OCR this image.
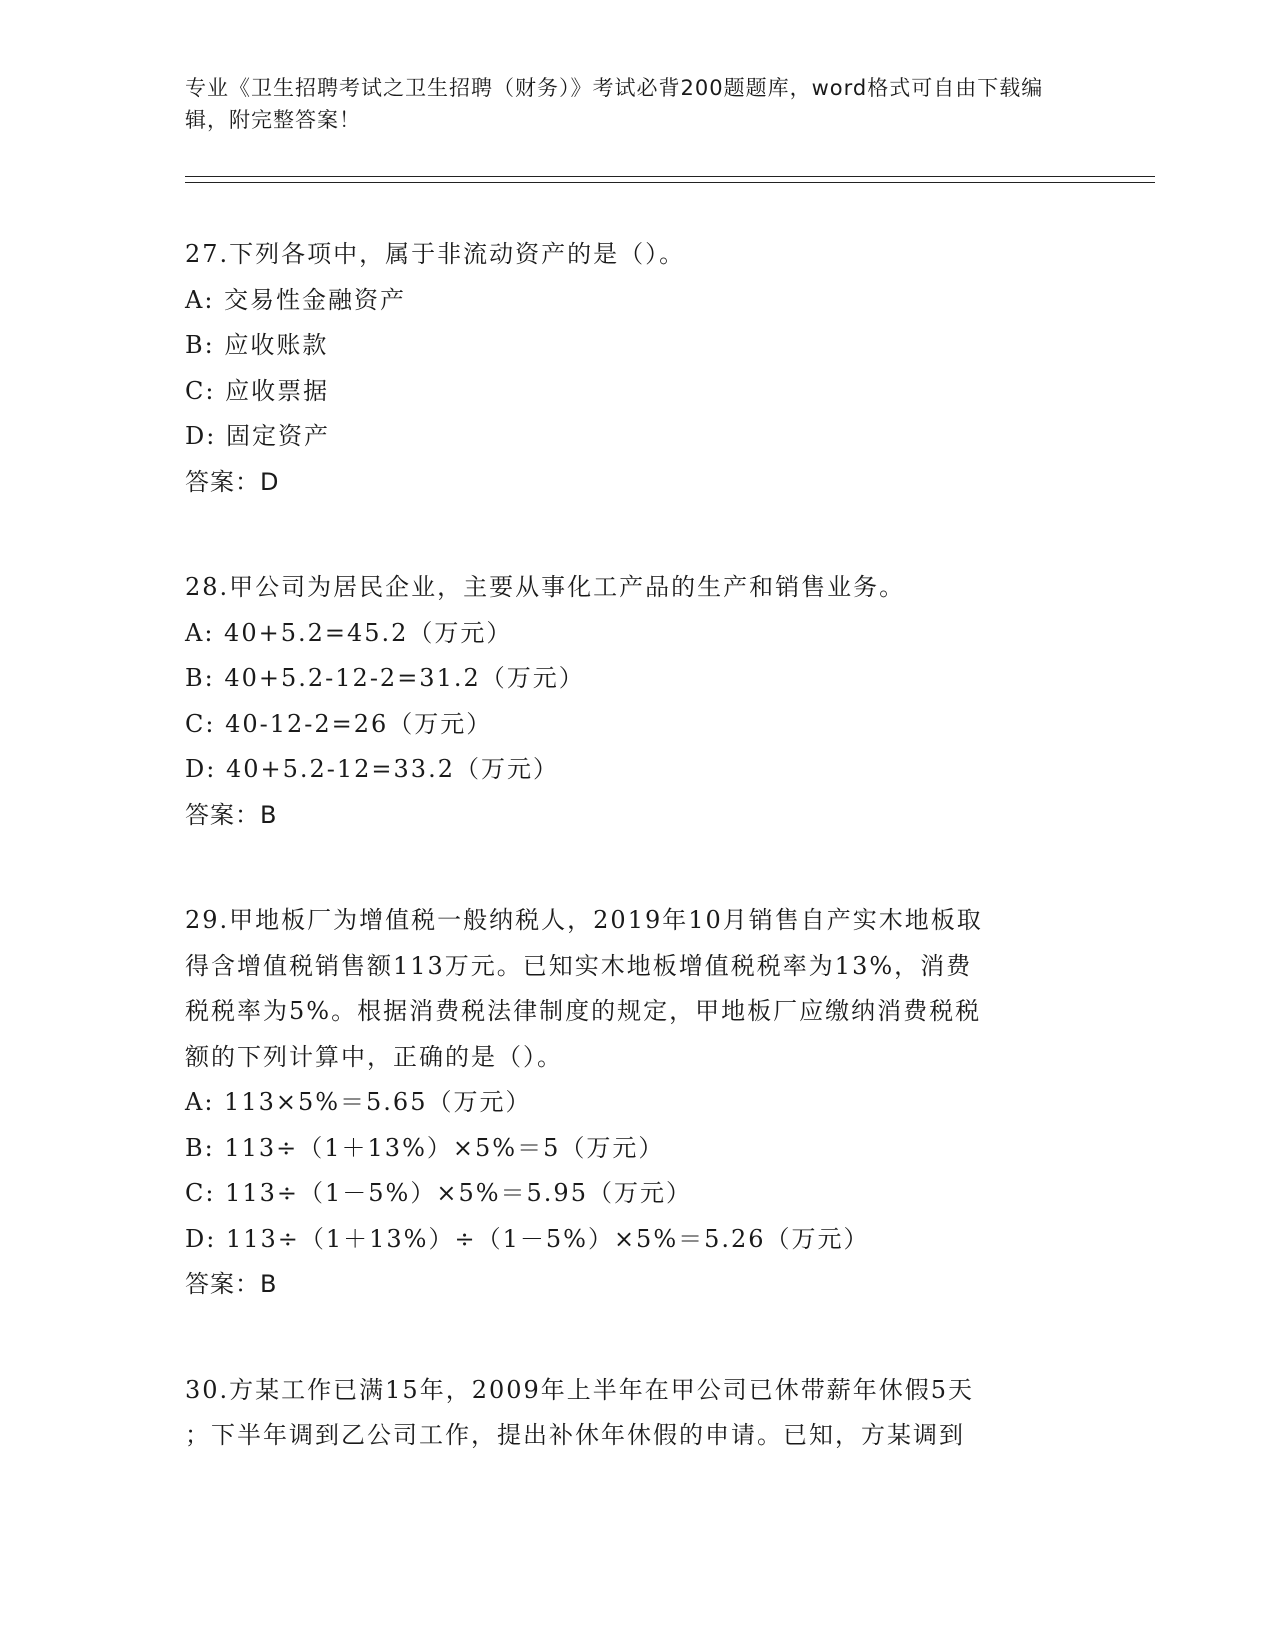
专业《卫生招聘考试之卫生招聘（财务）》考试必背200题题库，word格式可自由下载编辑，附完整答案！
27.下列各项中，属于非流动资产的是（）。
A: 交易性金融资产
B: 应收账款
C: 应收票据
D: 固定资产
答案：D
28.甲公司为居民企业，主要从事化工产品的生产和销售业务。
A: 40+5.2=45.2（万元）
B: 40+5.2-12-2=31.2（万元）
C: 40-12-2=26（万元）
D: 40+5.2-12=33.2（万元）
答案：B
29.甲地板厂为增值税一般纳税人，2019年10月销售自产实木地板取
得含增值税销售额113万元。已知实木地板增值税税率为13%，消费
税税率为5%。根据消费税法律制度的规定，甲地板厂应缴纳消费税税
额的下列计算中，正确的是（）。
A: 113×5%＝5.65（万元）
B: 113÷（1＋13%）×5%＝5（万元）
C: 113÷（1－5%）×5%＝5.95（万元）
D: 113÷（1＋13%）÷（1－5%）×5%＝5.26（万元）
答案：B
30.方某工作已满15年，2009年上半年在甲公司已休带薪年休假5天
；下半年调到乙公司工作，提出补休年休假的申请。已知，方某调到
